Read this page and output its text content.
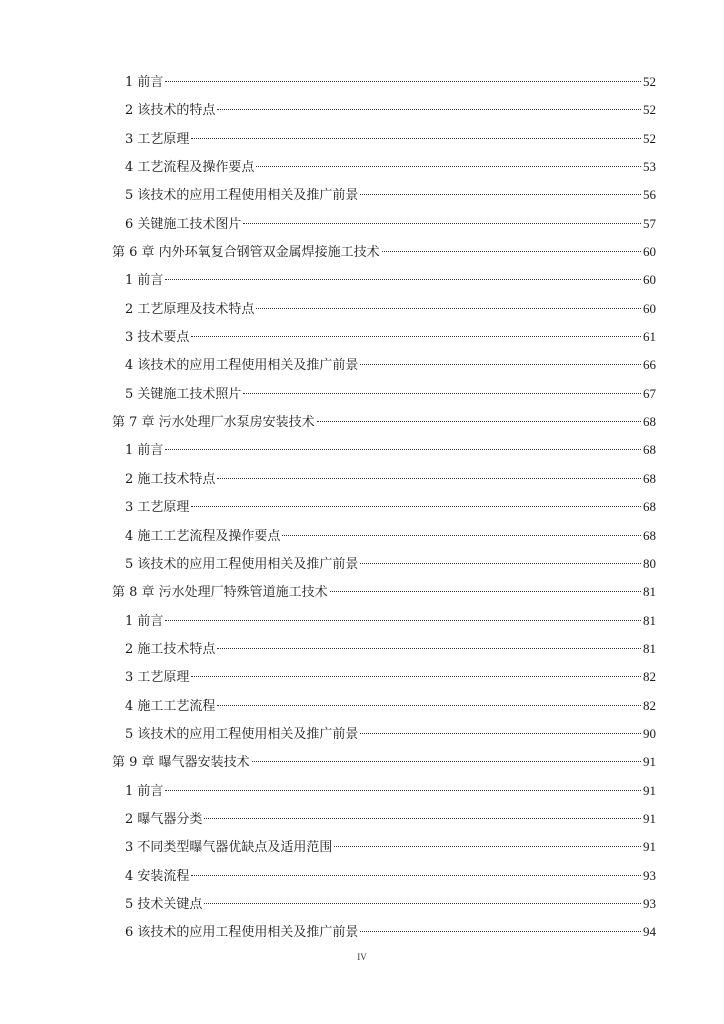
1 前言	52
2 该技术的特点	52
3 工艺原理	52
4 工艺流程及操作要点	53
5 该技术的应用工程使用相关及推广前景	56
6 关键施工技术图片	57
第 6 章 内外环氧复合钢管双金属焊接施工技术	60
1 前言	60
2 工艺原理及技术特点	60
3 技术要点	61
4 该技术的应用工程使用相关及推广前景	66
5 关键施工技术照片	67
第 7 章 污水处理厂水泵房安装技术	68
1 前言	68
2 施工技术特点	68
3 工艺原理	68
4 施工工艺流程及操作要点	68
5 该技术的应用工程使用相关及推广前景	80
第 8 章 污水处理厂特殊管道施工技术	81
1 前言	81
2 施工技术特点	81
3 工艺原理	82
4 施工工艺流程	82
5 该技术的应用工程使用相关及推广前景	90
第 9 章 曝气器安装技术	91
1 前言	91
2 曝气器分类	91
3 不同类型曝气器优缺点及适用范围	91
4 安装流程	93
5 技术关键点	93
6 该技术的应用工程使用相关及推广前景	94
IV
